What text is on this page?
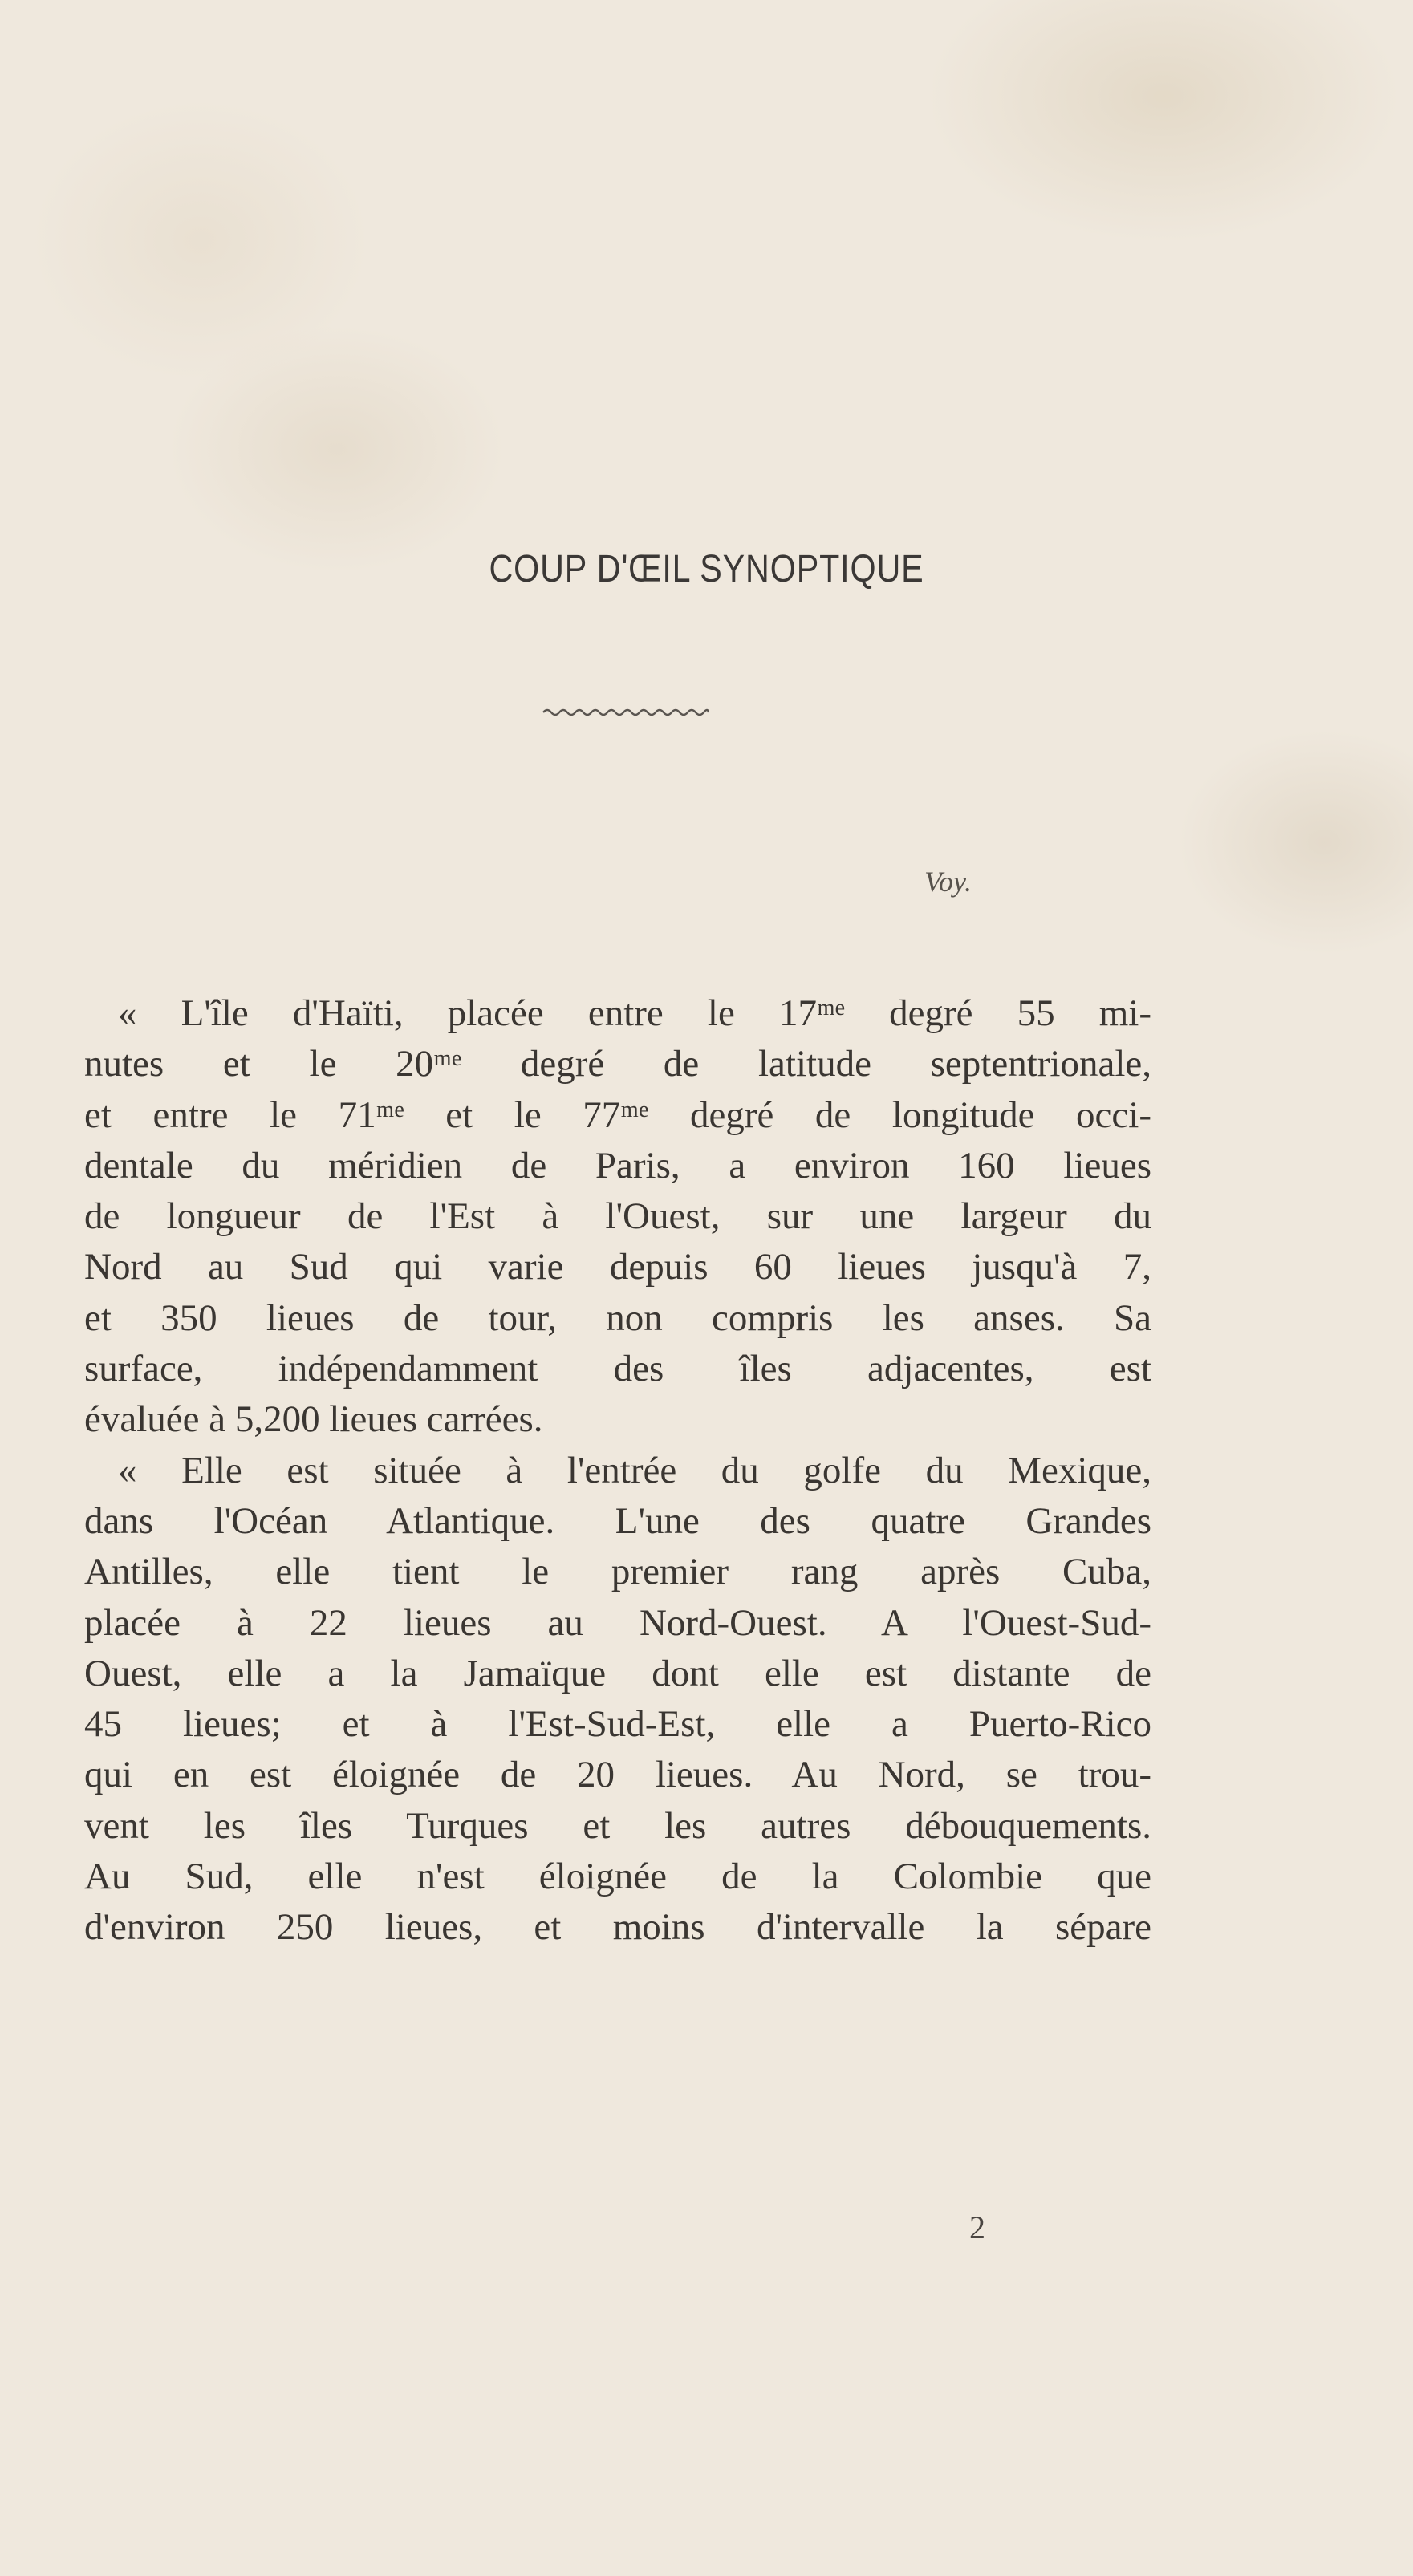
COUP D'ŒIL SYNOPTIQUE
Voy.
« L'île d'Haïti, placée entre le 17ᵐᵉ degré 55 mi-
nutes et le 20ᵐᵉ degré de latitude septentrionale,
et entre le 71ᵐᵉ et le 77ᵐᵉ degré de longitude occi-
dentale du méridien de Paris, a environ 160 lieues
de longueur de l'Est à l'Ouest, sur une largeur du
Nord au Sud qui varie depuis 60 lieues jusqu'à 7,
et 350 lieues de tour, non compris les anses. Sa
surface, indépendamment des îles adjacentes, est
évaluée à 5,200 lieues carrées.
« Elle est située à l'entrée du golfe du Mexique,
dans l'Océan Atlantique. L'une des quatre Grandes
Antilles, elle tient le premier rang après Cuba,
placée à 22 lieues au Nord-Ouest. A l'Ouest-Sud-
Ouest, elle a la Jamaïque dont elle est distante de
45 lieues; et à l'Est-Sud-Est, elle a Puerto-Rico
qui en est éloignée de 20 lieues. Au Nord, se trou-
vent les îles Turques et les autres débouquements.
Au Sud, elle n'est éloignée de la Colombie que
d'environ 250 lieues, et moins d'intervalle la sépare
2
